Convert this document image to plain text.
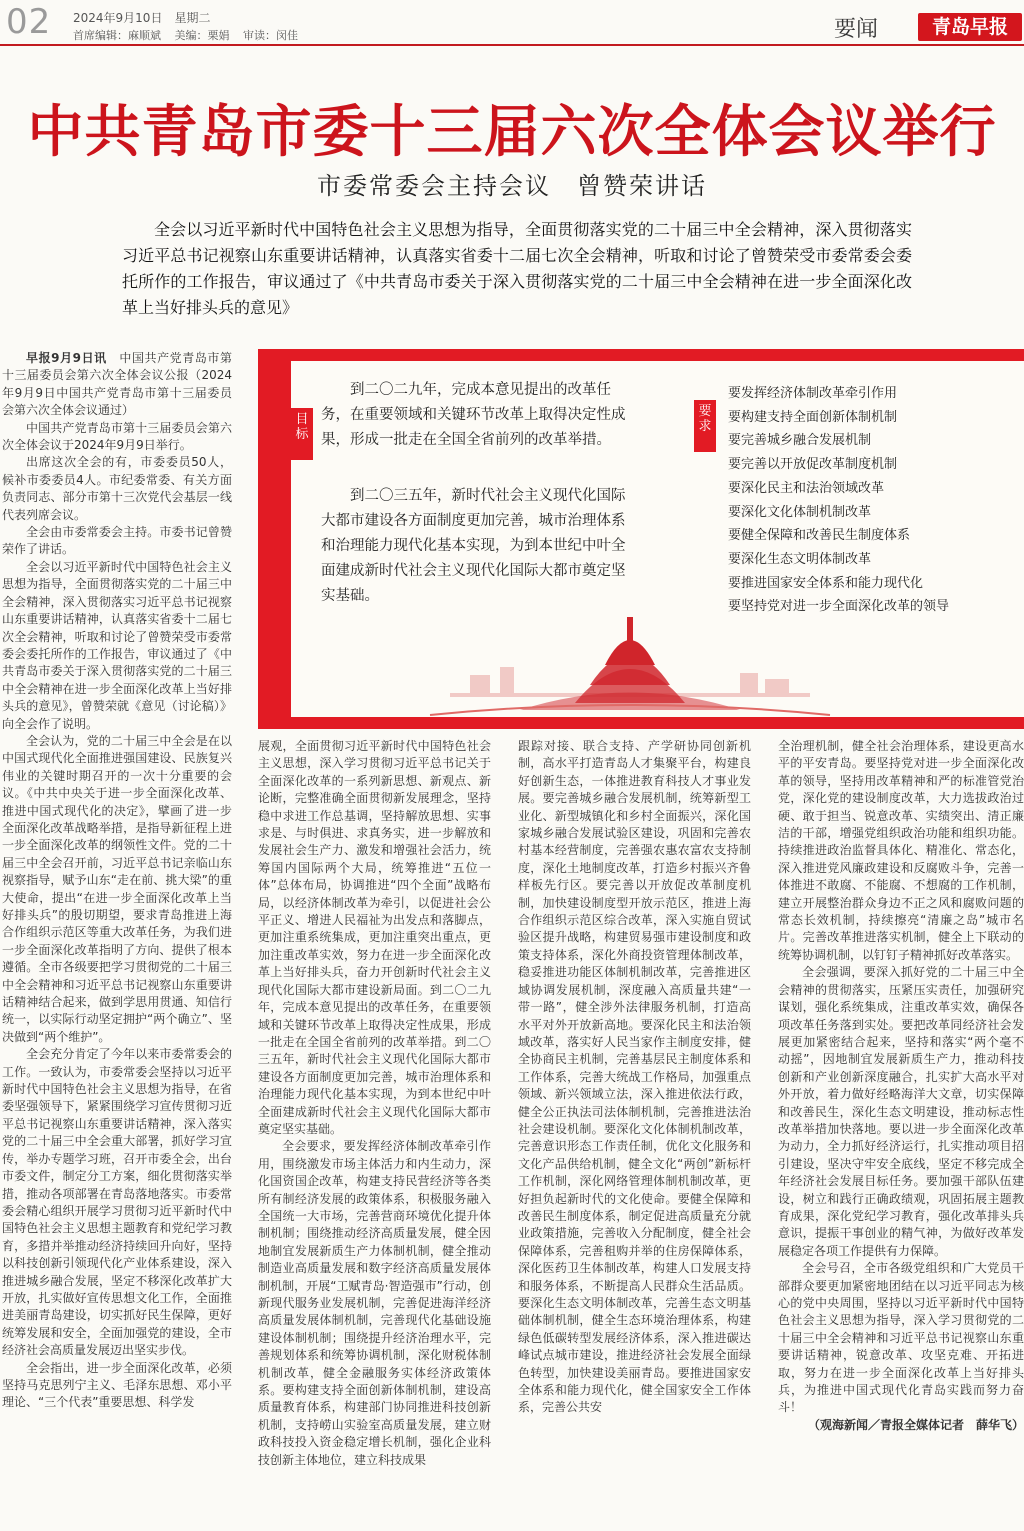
02 2024年9月10日　星期二
首席编辑：麻顺斌 美编：栗娟 审读：闵佳	要闻	青岛早报
中共青岛市委十三届六次全体会议举行
市委常委会主持会议　曾赞荣讲话
全会以习近平新时代中国特色社会主义思想为指导，全面贯彻落实党的二十届三中全会精神，深入贯彻落实习近平总书记视察山东重要讲话精神，认真落实省委十二届七次全会精神，听取和讨论了曾赞荣受市委常委会委托所作的工作报告，审议通过了《中共青岛市委关于深入贯彻落实党的二十届三中全会精神在进一步全面深化改革上当好排头兵的意见》

早报9月9日讯　 中国共产党青岛市第十三届委员会第六次全体会议公报（2024年9月9日中国共产党青岛市第十三届委员会第六次全体会议通过）

中国共产党青岛市第十三届委员会第六次全体会议于2024年9月9日举行。

出席这次全会的有，市委委员50人，候补市委委员4人。市纪委常委、有关方面负责同志、部分市第十三次党代会基层一线代表列席会议。

全会由市委常委会主持。市委书记曾赞荣作了讲话。

全会以习近平新时代中国特色社会主义思想为指导，全面贯彻落实党的二十届三中全会精神，深入贯彻落实习近平总书记视察山东重要讲话精神，认真落实省委十二届七次全会精神，听取和讨论了曾赞荣受市委常委会委托所作的工作报告，审议通过了《中共青岛市委关于深入贯彻落实党的二十届三中全会精神在进一步全面深化改革上当好排头兵的意见》，曾赞荣就《意见（讨论稿）》向全会作了说明。

全会认为，党的二十届三中全会是在以中国式现代化全面推进强国建设、民族复兴伟业的关键时期召开的一次十分重要的会议。《中共中央关于进一步全面深化改革、推进中国式现代化的决定》，擘画了进一步全面深化改革战略举措，是指导新征程上进一步全面深化改革的纲领性文件。党的二十届三中全会召开前，习近平总书记亲临山东视察指导，赋予山东“走在前、挑大梁”的重大使命，提出“在进一步全面深化改革上当好排头兵”的殷切期望，要求青岛推进上海合作组织示范区等重大改革任务，为我们进一步全面深化改革指明了方向、提供了根本遵循。全市各级要把学习贯彻党的二十届三中全会精神和习近平总书记视察山东重要讲话精神结合起来，做到学思用贯通、知信行统一，以实际行动坚定拥护“两个确立”、坚决做到“两个维护”。

全会充分肯定了今年以来市委常委会的工作。一致认为，市委常委会坚持以习近平新时代中国特色社会主义思想为指导，在省委坚强领导下，紧紧围绕学习宣传贯彻习近平总书记视察山东重要讲话精神，深入落实党的二十届三中全会重大部署，抓好学习宣传，举办专题学习班，召开市委全会，出台市委文件，制定分工方案，细化贯彻落实举措，推动各项部署在青岛落地落实。市委常委会精心组织开展学习贯彻习近平新时代中国特色社会主义思想主题教育和党纪学习教育，多措并举推动经济持续回升向好，坚持以科技创新引领现代化产业体系建设，深入推进城乡融合发展，坚定不移深化改革扩大开放，扎实做好宣传思想文化工作，全面推进美丽青岛建设，切实抓好民生保障，更好统筹发展和安全，全面加强党的建设，全市经济社会高质量发展迈出坚实步伐。

全会指出，进一步全面深化改革，必须坚持马克思列宁主义、毛泽东思想、邓小平理论、“三个代表”重要思想、科学发

目标
到二〇二九年，完成本意见提出的改革任务，在重要领域和关键环节改革上取得决定性成果，形成一批走在全国全省前列的改革举措。
到二〇三五年，新时代社会主义现代化国际大都市建设各方面制度更加完善，城市治理体系和治理能力现代化基本实现，为到本世纪中叶全面建成新时代社会主义现代化国际大都市奠定坚实基础。
要求
要发挥经济体制改革牵引作用
要构建支持全面创新体制机制
要完善城乡融合发展机制
要完善以开放促改革制度机制
要深化民主和法治领域改革
要深化文化体制机制改革
要健全保障和改善民生制度体系
要深化生态文明体制改革
要推进国家安全体系和能力现代化
要坚持党对进一步全面深化改革的领导

展观，全面贯彻习近平新时代中国特色社会主义思想，深入学习贯彻习近平总书记关于全面深化改革的一系列新思想、新观点、新论断，完整准确全面贯彻新发展理念，坚持稳中求进工作总基调，坚持解放思想、实事求是、与时俱进、求真务实，进一步解放和发展社会生产力、激发和增强社会活力，统筹国内国际两个大局，统筹推进“五位一体”总体布局，协调推进“四个全面”战略布局，以经济体制改革为牵引，以促进社会公平正义、增进人民福祉为出发点和落脚点，更加注重系统集成，更加注重突出重点，更加注重改革实效，努力在进一步全面深化改革上当好排头兵，奋力开创新时代社会主义现代化国际大都市建设新局面。到二〇二九年，完成本意见提出的改革任务，在重要领域和关键环节改革上取得决定性成果，形成一批走在全国全省前列的改革举措。到二〇三五年，新时代社会主义现代化国际大都市建设各方面制度更加完善，城市治理体系和治理能力现代化基本实现，为到本世纪中叶全面建成新时代社会主义现代化国际大都市奠定坚实基础。

全会要求，要发挥经济体制改革牵引作用，围绕激发市场主体活力和内生动力，深化国资国企改革，构建支持民营经济等各类所有制经济发展的政策体系，积极服务融入全国统一大市场，完善营商环境优化提升体制机制；围绕推动经济高质量发展，健全因地制宜发展新质生产力体制机制，健全推动制造业高质量发展和数字经济高质量发展体制机制，开展“工赋青岛·智造强市”行动，创新现代服务业发展机制，完善促进海洋经济高质量发展体制机制，完善现代化基础设施建设体制机制；围绕提升经济治理水平，完善规划体系和统筹协调机制，深化财税体制机制改革，健全金融服务实体经济政策体系。要构建支持全面创新体制机制，建设高质量教育体系，构建部门协同推进科技创新机制，支持崂山实验室高质量发展，建立财政科技投入资金稳定增长机制，强化企业科技创新主体地位，建立科技成果

跟踪对接、联合支持、产学研协同创新机制，高水平打造青岛人才集聚平台，构建良好创新生态，一体推进教育科技人才事业发展。要完善城乡融合发展机制，统筹新型工业化、新型城镇化和乡村全面振兴，深化国家城乡融合发展试验区建设，巩固和完善农村基本经营制度，完善强农惠农富农支持制度，深化土地制度改革，打造乡村振兴齐鲁样板先行区。要完善以开放促改革制度机制，加快建设制度型开放示范区，推进上海合作组织示范区综合改革，深入实施自贸试验区提升战略，构建贸易强市建设制度和政策支持体系，深化外商投资管理体制改革，稳妥推进功能区体制机制改革，完善推进区域协调发展机制，深度融入高质量共建“一带一路”，健全涉外法律服务机制，打造高水平对外开放新高地。要深化民主和法治领域改革，落实好人民当家作主制度安排，健全协商民主机制，完善基层民主制度体系和工作体系，完善大统战工作格局，加强重点领域、新兴领域立法，深入推进依法行政，健全公正执法司法体制机制，完善推进法治社会建设机制。要深化文化体制机制改革，完善意识形态工作责任制，优化文化服务和文化产品供给机制，健全文化“两创”新标杆工作机制，深化网络管理体制机制改革，更好担负起新时代的文化使命。要健全保障和改善民生制度体系，制定促进高质量充分就业政策措施，完善收入分配制度，健全社会保障体系，完善租购并举的住房保障体系，深化医药卫生体制改革，构建人口发展支持和服务体系，不断提高人民群众生活品质。要深化生态文明体制改革，完善生态文明基础体制机制，健全生态环境治理体系，构建绿色低碳转型发展经济体系，深入推进碳达峰试点城市建设，推进经济社会发展全面绿色转型，加快建设美丽青岛。要推进国家安全体系和能力现代化，健全国家安全工作体系，完善公共安

全治理机制，健全社会治理体系，建设更高水平的平安青岛。要坚持党对进一步全面深化改革的领导，坚持用改革精神和严的标准管党治党，深化党的建设制度改革，大力选拔政治过硬、敢于担当、锐意改革、实绩突出、清正廉洁的干部，增强党组织政治功能和组织功能。持续推进政治监督具体化、精准化、常态化，深入推进党风廉政建设和反腐败斗争，完善一体推进不敢腐、不能腐、不想腐的工作机制，建立开展整治群众身边不正之风和腐败问题的常态长效机制，持续擦亮“清廉之岛”城市名片。完善改革推进落实机制，健全上下联动的统筹协调机制，以钉钉子精神抓好改革落实。

全会强调，要深入抓好党的二十届三中全会精神的贯彻落实，压紧压实责任，加强研究谋划，强化系统集成，注重改革实效，确保各项改革任务落到实处。要把改革同经济社会发展更加紧密结合起来，坚持和落实“两个毫不动摇”，因地制宜发展新质生产力，推动科技创新和产业创新深度融合，扎实扩大高水平对外开放，着力做好经略海洋大文章，切实保障和改善民生，深化生态文明建设，推动标志性改革举措加快落地。要以进一步全面深化改革为动力，全力抓好经济运行，扎实推动项目招引建设，坚决守牢安全底线，坚定不移完成全年经济社会发展目标任务。要加强干部队伍建设，树立和践行正确政绩观，巩固拓展主题教育成果，深化党纪学习教育，强化改革排头兵意识，提振干事创业的精气神，为做好改革发展稳定各项工作提供有力保障。

全会号召，全市各级党组织和广大党员干部群众要更加紧密地团结在以习近平同志为核心的党中央周围，坚持以习近平新时代中国特色社会主义思想为指导，深入学习贯彻党的二十届三中全会精神和习近平总书记视察山东重要讲话精神，锐意改革、攻坚克难、开拓进取，努力在进一步全面深化改革上当好排头兵，为推进中国式现代化青岛实践而努力奋斗！

（观海新闻／青报全媒体记者　薛华飞）
